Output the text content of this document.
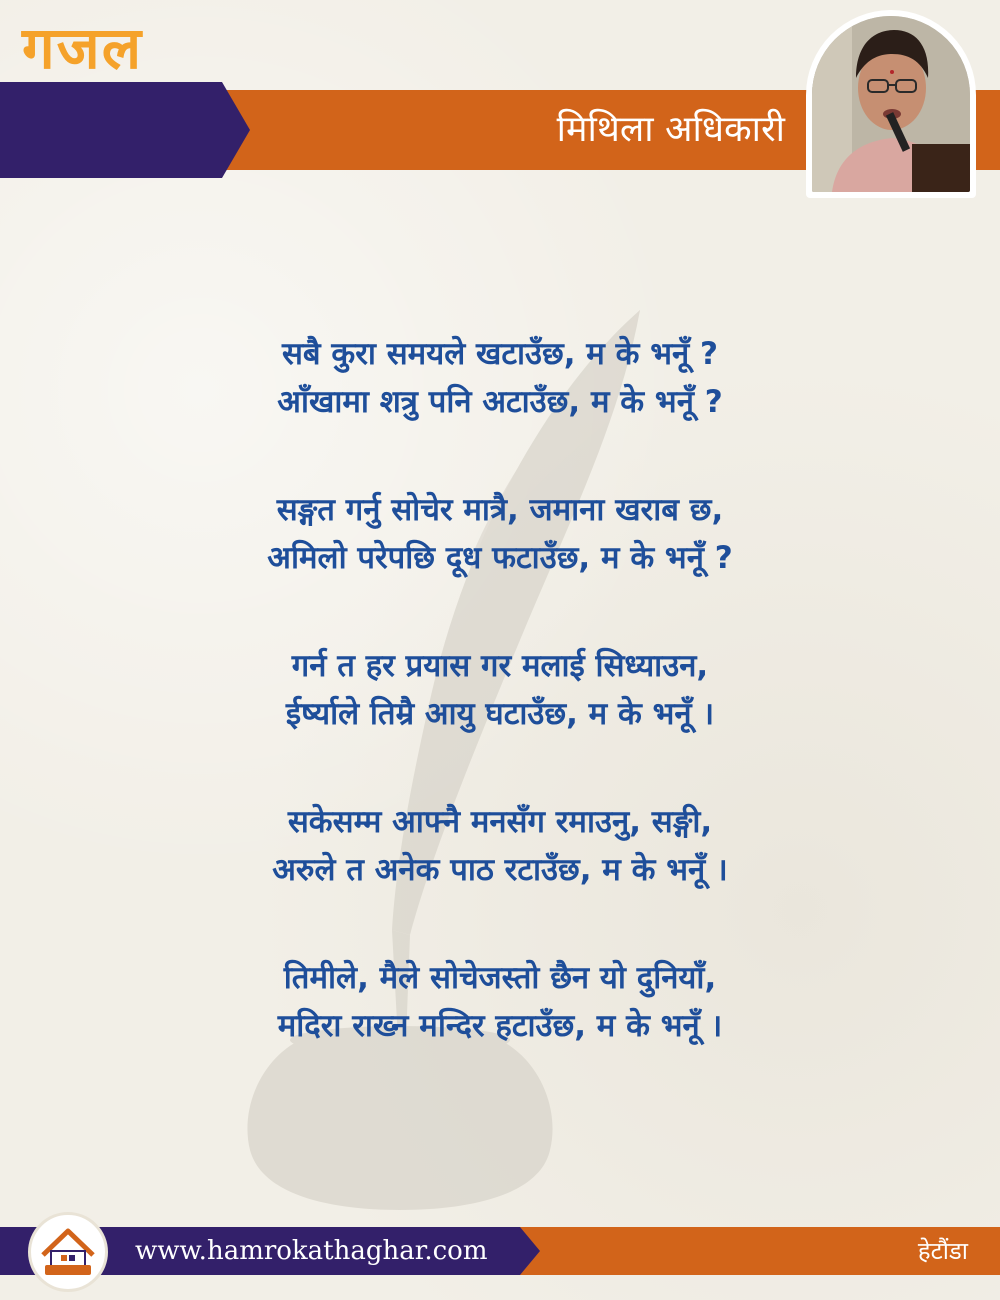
गजल
मिथिला अधिकारी
सबै कुरा समयले खटाउँछ, म के भनूँ ?
आँखामा शत्रु पनि अटाउँछ, म के भनूँ ?
सङ्गत गर्नु सोचेर मात्रै, जमाना खराब छ,
अमिलो परेपछि दूध फटाउँछ, म के भनूँ ?
गर्न त हर प्रयास गर मलाई सिध्याउन,
ईर्ष्याले तिम्रै आयु घटाउँछ, म के भनूँ ।
सकेसम्म आफ्नै मनसँग रमाउनु, सङ्गी,
अरुले त अनेक पाठ रटाउँछ, म के भनूँ ।
तिमीले, मैले सोचेजस्तो छैन यो दुनियाँ,
मदिरा राख्न मन्दिर हटाउँछ, म के भनूँ ।
www.hamrokathaghar.com	हेटौंडा
